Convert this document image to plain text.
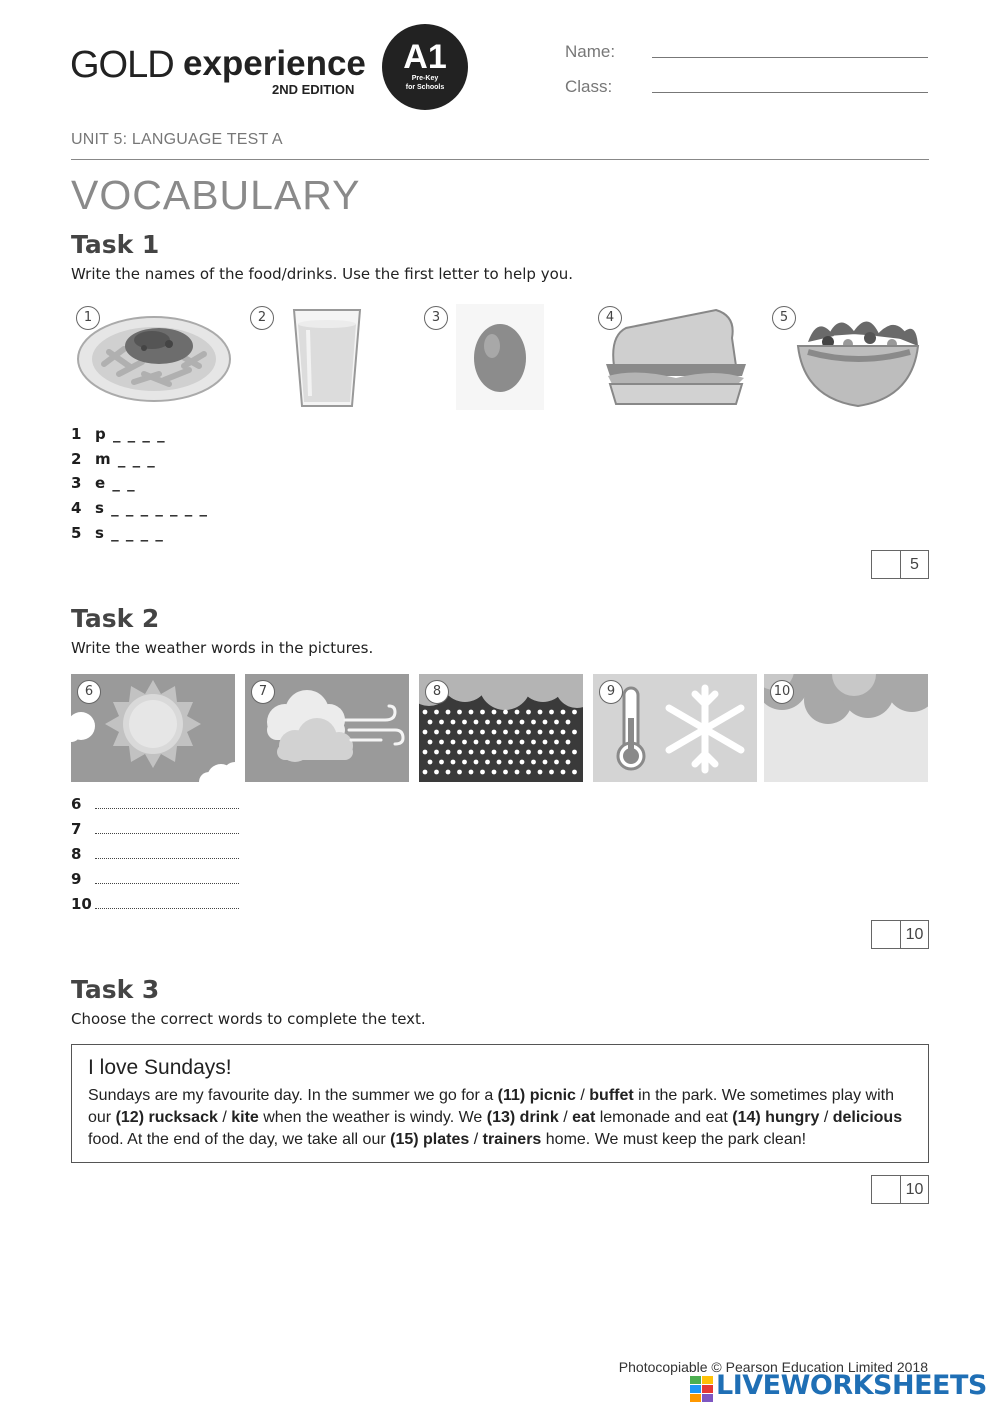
GOLD experience
2ND EDITION
A1
Pre-Key
for Schools
Name:
Class:
UNIT 5: LANGUAGE TEST A
VOCABULARY
Task 1
Write the names of the food/drinks. Use the first letter to help you.
1	2	3	4	5
1 p _ _ _ _
2 m _ _ _
3 e _ _
4 s _ _ _ _ _ _ _
5 s _ _ _ _
5
Task 2
Write the weather words in the pictures.
6	7	8	9	10
6
7
8
9
10
10
Task 3
Choose the correct words to complete the text.
I love Sundays!
Sundays are my favourite day. In the summer we go for a (11) picnic / buffet in the park. We sometimes play with our (12) rucksack / kite when the weather is windy. We (13) drink / eat lemonade and eat (14) hungry / delicious food. At the end of the day, we take all our (15) plates / trainers home. We must keep the park clean!
10
Photocopiable © Pearson Education Limited 2018
LIVEWORKSHEETS
